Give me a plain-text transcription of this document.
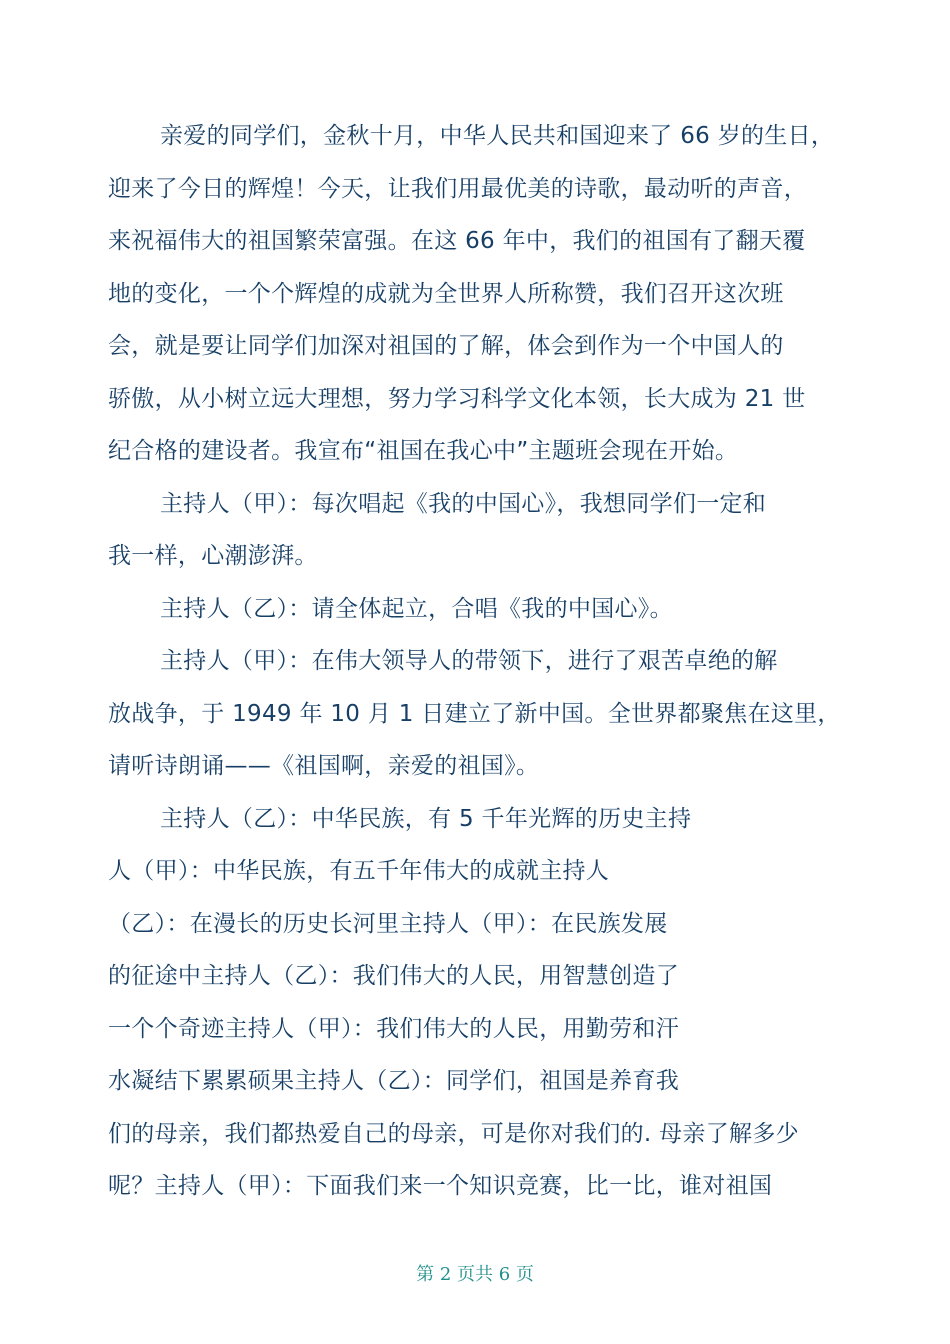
亲爱的同学们，金秋十月，中华人民共和国迎来了 66 岁的生日，
迎来了今日的辉煌！今天，让我们用最优美的诗歌，最动听的声音，
来祝福伟大的祖国繁荣富强。在这 66 年中，我们的祖国有了翻天覆
地的变化，一个个辉煌的成就为全世界人所称赞，我们召开这次班
会，就是要让同学们加深对祖国的了解，体会到作为一个中国人的
骄傲，从小树立远大理想，努力学习科学文化本领，长大成为 21 世
纪合格的建设者。我宣布“祖国在我心中”主题班会现在开始。
主持人（甲）：每次唱起《我的中国心》，我想同学们一定和
我一样，心潮澎湃。
主持人（乙）：请全体起立，合唱《我的中国心》。
主持人（甲）：在伟大领导人的带领下，进行了艰苦卓绝的解
放战争，于 1949 年 10 月 1 日建立了新中国。全世界都聚焦在这里，
请听诗朗诵——《祖国啊，亲爱的祖国》。
主持人（乙）：中华民族，有 5 千年光辉的历史主持
人（甲）：中华民族，有五千年伟大的成就主持人
（乙）：在漫长的历史长河里主持人（甲）：在民族发展
的征途中主持人（乙）：我们伟大的人民，用智慧创造了
一个个奇迹主持人（甲）：我们伟大的人民，用勤劳和汗
水凝结下累累硕果主持人（乙）：同学们，祖国是养育我
们的母亲，我们都热爱自己的母亲，可是你对我们的. 母亲了解多少
呢？主持人（甲）：下面我们来一个知识竞赛，比一比，谁对祖国
第 2 页共 6 页
